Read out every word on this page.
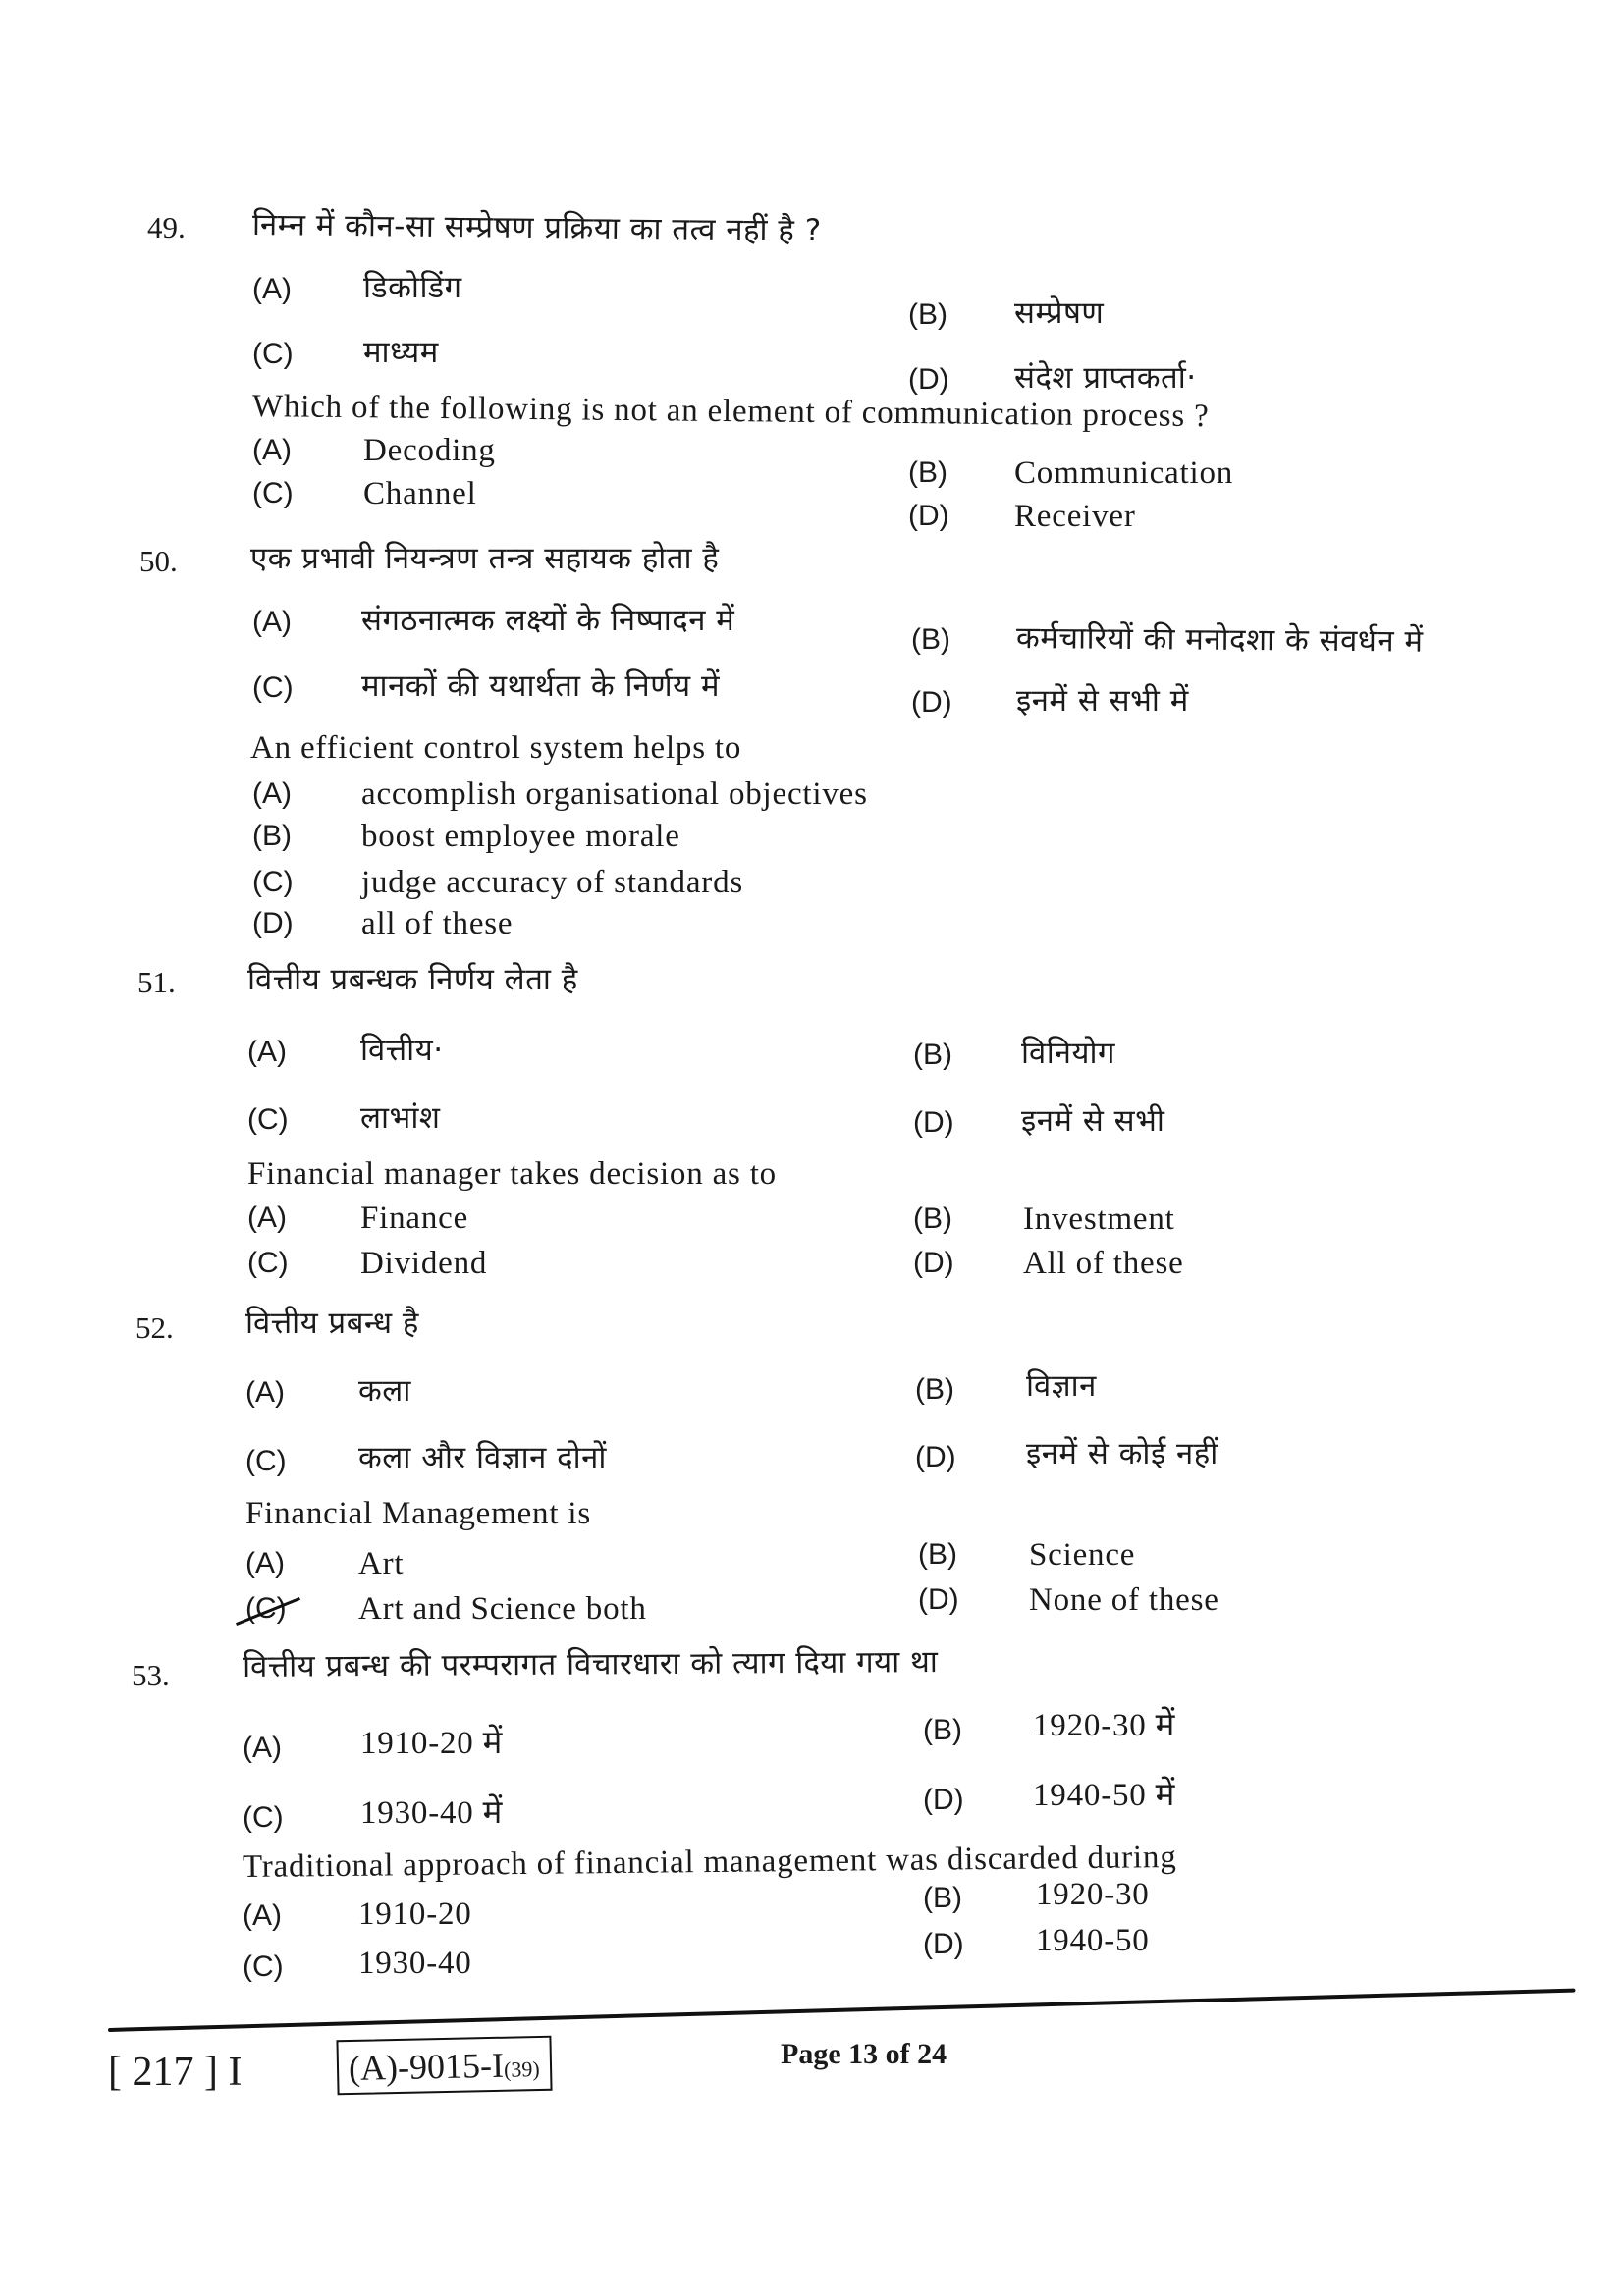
49. निम्न में कौन-सा सम्प्रेषण प्रक्रिया का तत्व नहीं है ?
(A) डिकोडिंग
(B) सम्प्रेषण
(C) माध्यम
(D) संदेश प्राप्तकर्ता·
Which of the following is not an element of communication process ?
(A) Decoding
(B) Communication
(C) Channel
(D) Receiver
50. एक प्रभावी नियन्त्रण तन्त्र सहायक होता है
(A) संगठनात्मक लक्ष्यों के निष्पादन में
(B) कर्मचारियों की मनोदशा के संवर्धन में
(C) मानकों की यथार्थता के निर्णय में	(D) इनमें से सभी में
An efficient control system helps to
(A) accomplish organisational objectives
(B) boost employee morale
(C) judge accuracy of standards
(D) all of these
51. वित्तीय प्रबन्धक निर्णय लेता है
(A) वित्तीय·	(B) विनियोग
(C) लाभांश	(D) इनमें से सभी
Financial manager takes decision as to
(A) Finance	(B) Investment
(C) Dividend	(D) All of these
52. वित्तीय प्रबन्ध है
(A) कला	(B) विज्ञान
(C) कला और विज्ञान दोनों	(D) इनमें से कोई नहीं
Financial Management is
(A) Art	(B) Science
(C) Art and Science both	(D) None of these
53. वित्तीय प्रबन्ध की परम्परागत विचारधारा को त्याग दिया गया था
(A) 1910-20 में	(B) 1920-30 में
(C) 1930-40 में	(D) 1940-50 में
Traditional approach of financial management was discarded during
(A) 1910-20	(B) 1920-30
(C) 1930-40
(D) 1940-50
[ 217 ] I	(A)-9015-I(39)	Page 13 of 24
